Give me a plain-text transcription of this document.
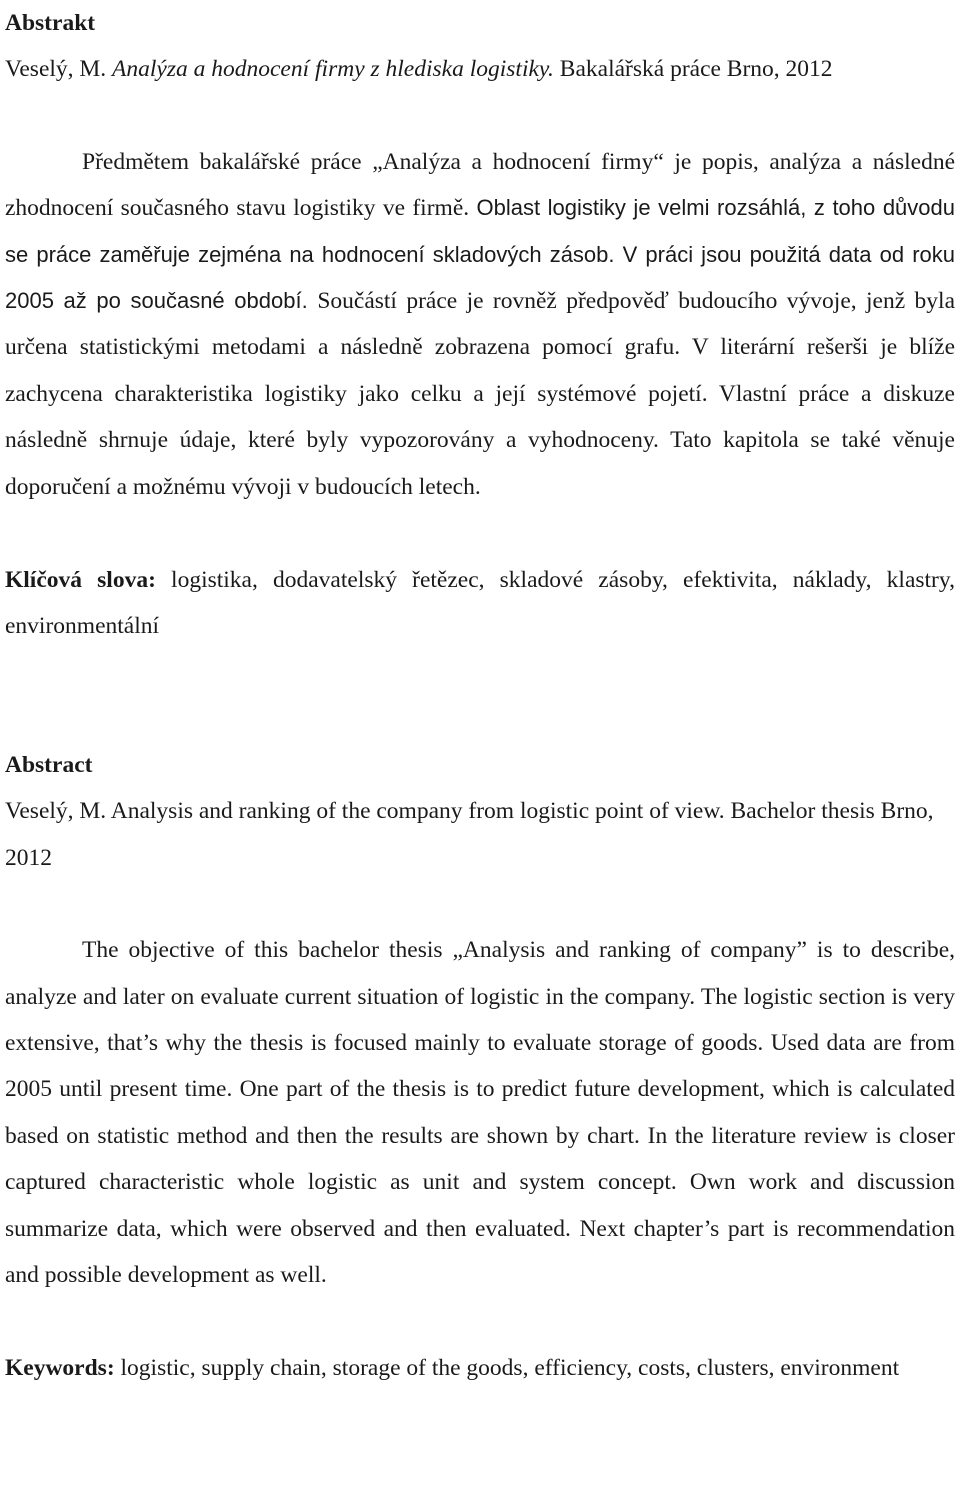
Abstrakt

Veselý, M. Analýza a hodnocení firmy z hlediska logistiky. Bakalářská práce Brno, 2012

Předmětem bakalářské práce „Analýza a hodnocení firmy“ je popis, analýza a následné zhodnocení současného stavu logistiky ve firmě. Oblast logistiky je velmi rozsáhlá, z toho důvodu se práce zaměřuje zejména na hodnocení skladových zásob. V práci jsou použitá data od roku 2005 až po současné období. Součástí práce je rovněž předpověď budoucího vývoje, jenž byla určena statistickými metodami a následně zobrazena pomocí grafu. V literární rešerši je blíže zachycena charakteristika logistiky jako celku a její systémové pojetí. Vlastní práce a diskuze následně shrnuje údaje, které byly vypozorovány a vyhodnoceny. Tato kapitola se také věnuje doporučení a možnému vývoji v budoucích letech.

Klíčová slova: logistika, dodavatelský řetězec, skladové zásoby, efektivita, náklady, klastry, environmentální

Abstract

Veselý, M. Analysis and ranking of the company from logistic point of view. Bachelor thesis Brno, 2012

The objective of this bachelor thesis „Analysis and ranking of company” is to describe, analyze and later on evaluate current situation of logistic in the company. The logistic section is very extensive, that’s why the thesis is focused mainly to evaluate storage of goods. Used data are from 2005 until present time. One part of the thesis is to predict future development, which is calculated based on statistic method and then the results are shown by chart. In the literature review is closer captured characteristic whole logistic as unit and system concept. Own work and discussion summarize data, which were observed and then evaluated. Next chapter’s part is recommendation and possible development as well.

Keywords: logistic, supply chain, storage of the goods, efficiency, costs, clusters, environment
